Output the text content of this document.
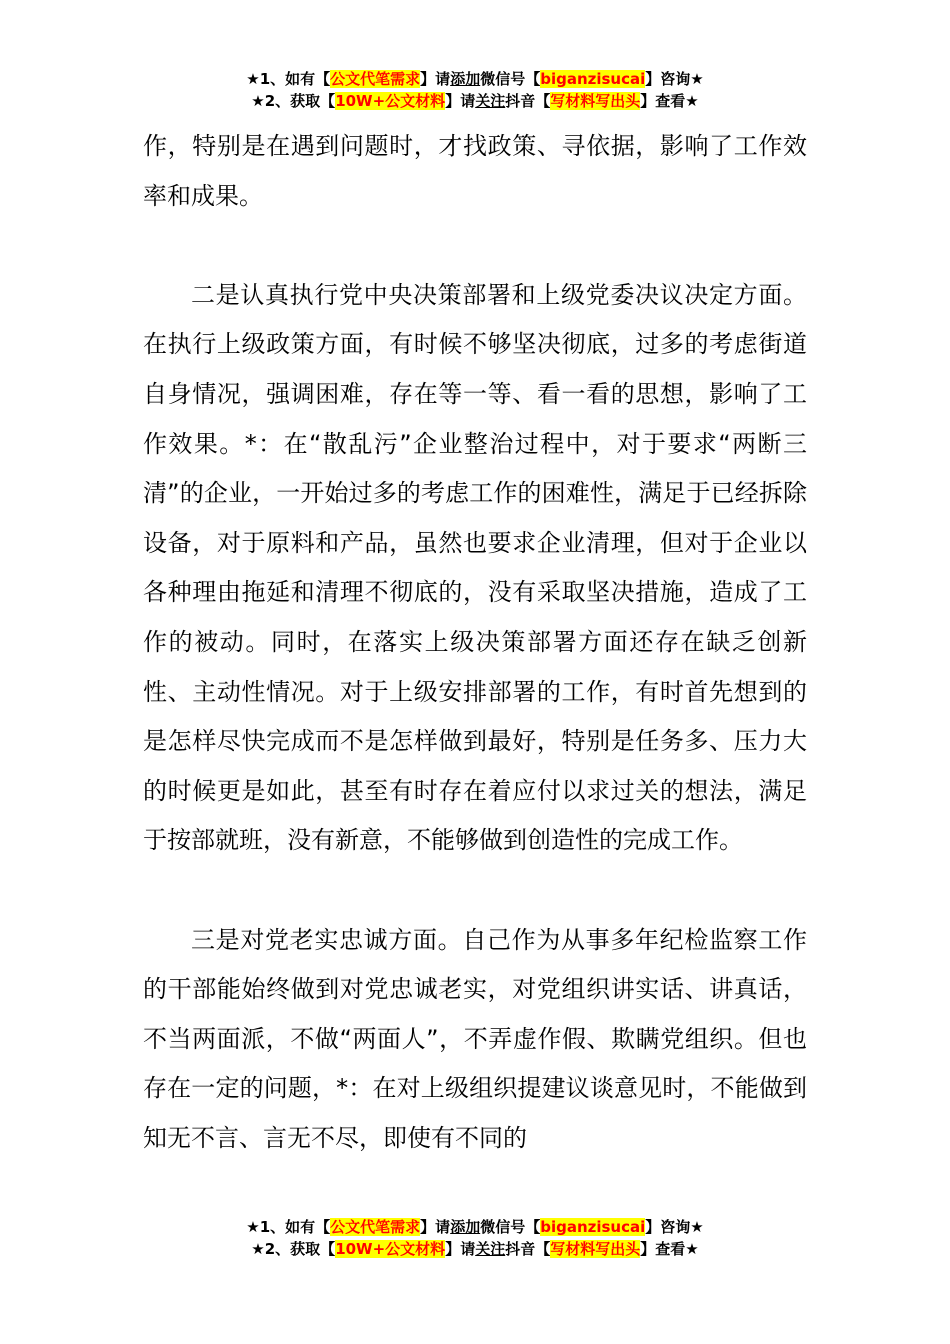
★1、如有【公文代笔需求】请添加微信号【biganzisucai】咨询★
★2、获取【10W+公文材料】请关注抖音【写材料写出头】查看★

作，特别是在遇到问题时，才找政策、寻依据，影响了工作效率和成果。

二是认真执行党中央决策部署和上级党委决议决定方面。在执行上级政策方面，有时候不够坚决彻底，过多的考虑街道自身情况，强调困难，存在等一等、看一看的思想，影响了工作效果。*：在“散乱污”企业整治过程中，对于要求“两断三清”的企业，一开始过多的考虑工作的困难性，满足于已经拆除设备，对于原料和产品，虽然也要求企业清理，但对于企业以各种理由拖延和清理不彻底的，没有采取坚决措施，造成了工作的被动。同时，在落实上级决策部署方面还存在缺乏创新性、主动性情况。对于上级安排部署的工作，有时首先想到的是怎样尽快完成而不是怎样做到最好，特别是任务多、压力大的时候更是如此，甚至有时存在着应付以求过关的想法，满足于按部就班，没有新意，不能够做到创造性的完成工作。

三是对党老实忠诚方面。自己作为从事多年纪检监察工作的干部能始终做到对党忠诚老实，对党组织讲实话、讲真话，不当两面派，不做“两面人”，不弄虚作假、欺瞒党组织。但也存在一定的问题，*：在对上级组织提建议谈意见时，不能做到知无不言、言无不尽，即使有不同的

★1、如有【公文代笔需求】请添加微信号【biganzisucai】咨询★
★2、获取【10W+公文材料】请关注抖音【写材料写出头】查看★
